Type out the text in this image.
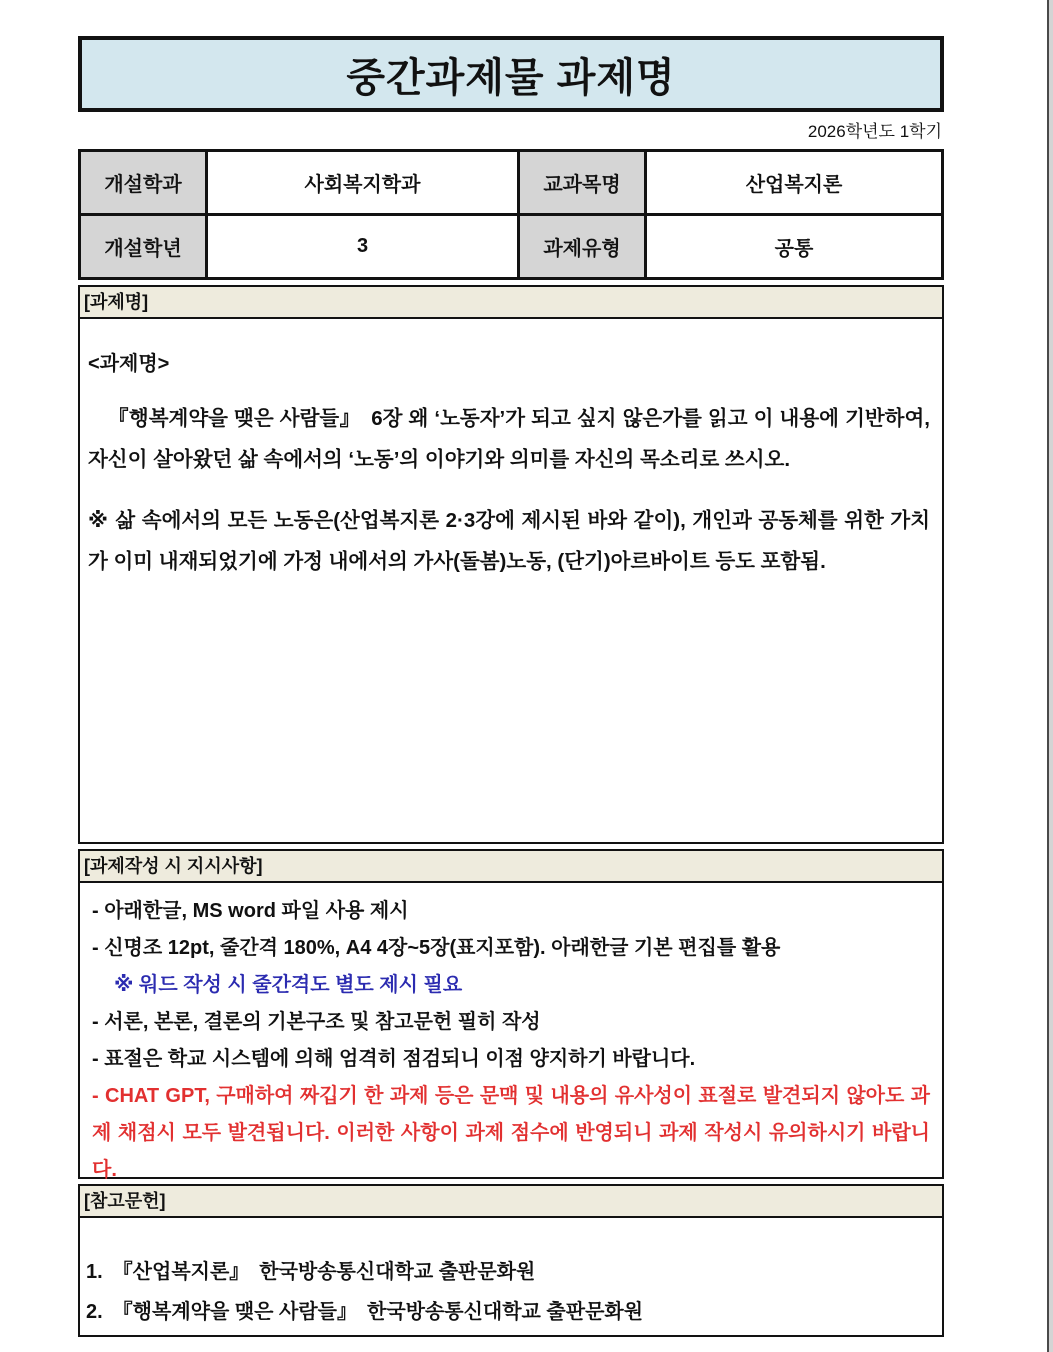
중간과제물 과제명
2026학년도 1학기
개설학과	사회복지학과	교과목명	산업복지론
개설학년	3	과제유형	공통
[과제명]
<과제명>

『행복계약을 맺은 사람들』　6장 왜 ‘노동자’가 되고 싶지 않은가를 읽고 이 내용에 기반하여, 자신이 살아왔던 삶 속에서의 ‘노동’의 이야기와 의미를 자신의 목소리로 쓰시오.

※ 삶 속에서의 모든 노동은(산업복지론 2·3강에 제시된 바와 같이), 개인과 공동체를 위한 가치가 이미 내재되었기에 가정 내에서의 가사(돌봄)노동, (단기)아르바이트 등도 포함됨.

[과제작성 시 지시사항]
- 아래한글, MS word 파일 사용 제시
- 신명조 12pt, 줄간격 180%, A4 4장~5장(표지포함). 아래한글 기본 편집틀 활용
※ 워드 작성 시 줄간격도 별도 제시 필요
- 서론, 본론, 결론의 기본구조 및 참고문헌 필히 작성
- 표절은 학교 시스템에 의해 엄격히 점검되니 이점 양지하기 바랍니다.
- CHAT GPT, 구매하여 짜깁기 한 과제 등은 문맥 및 내용의 유사성이 표절로 발견되지 않아도 과제 채점시 모두 발견됩니다. 이러한 사항이 과제 점수에 반영되니 과제 작성시 유의하시기 바랍니다.
[참고문헌]
1. 『산업복지론』　한국방송통신대학교 출판문화원
2. 『행복계약을 맺은 사람들』　한국방송통신대학교 출판문화원
